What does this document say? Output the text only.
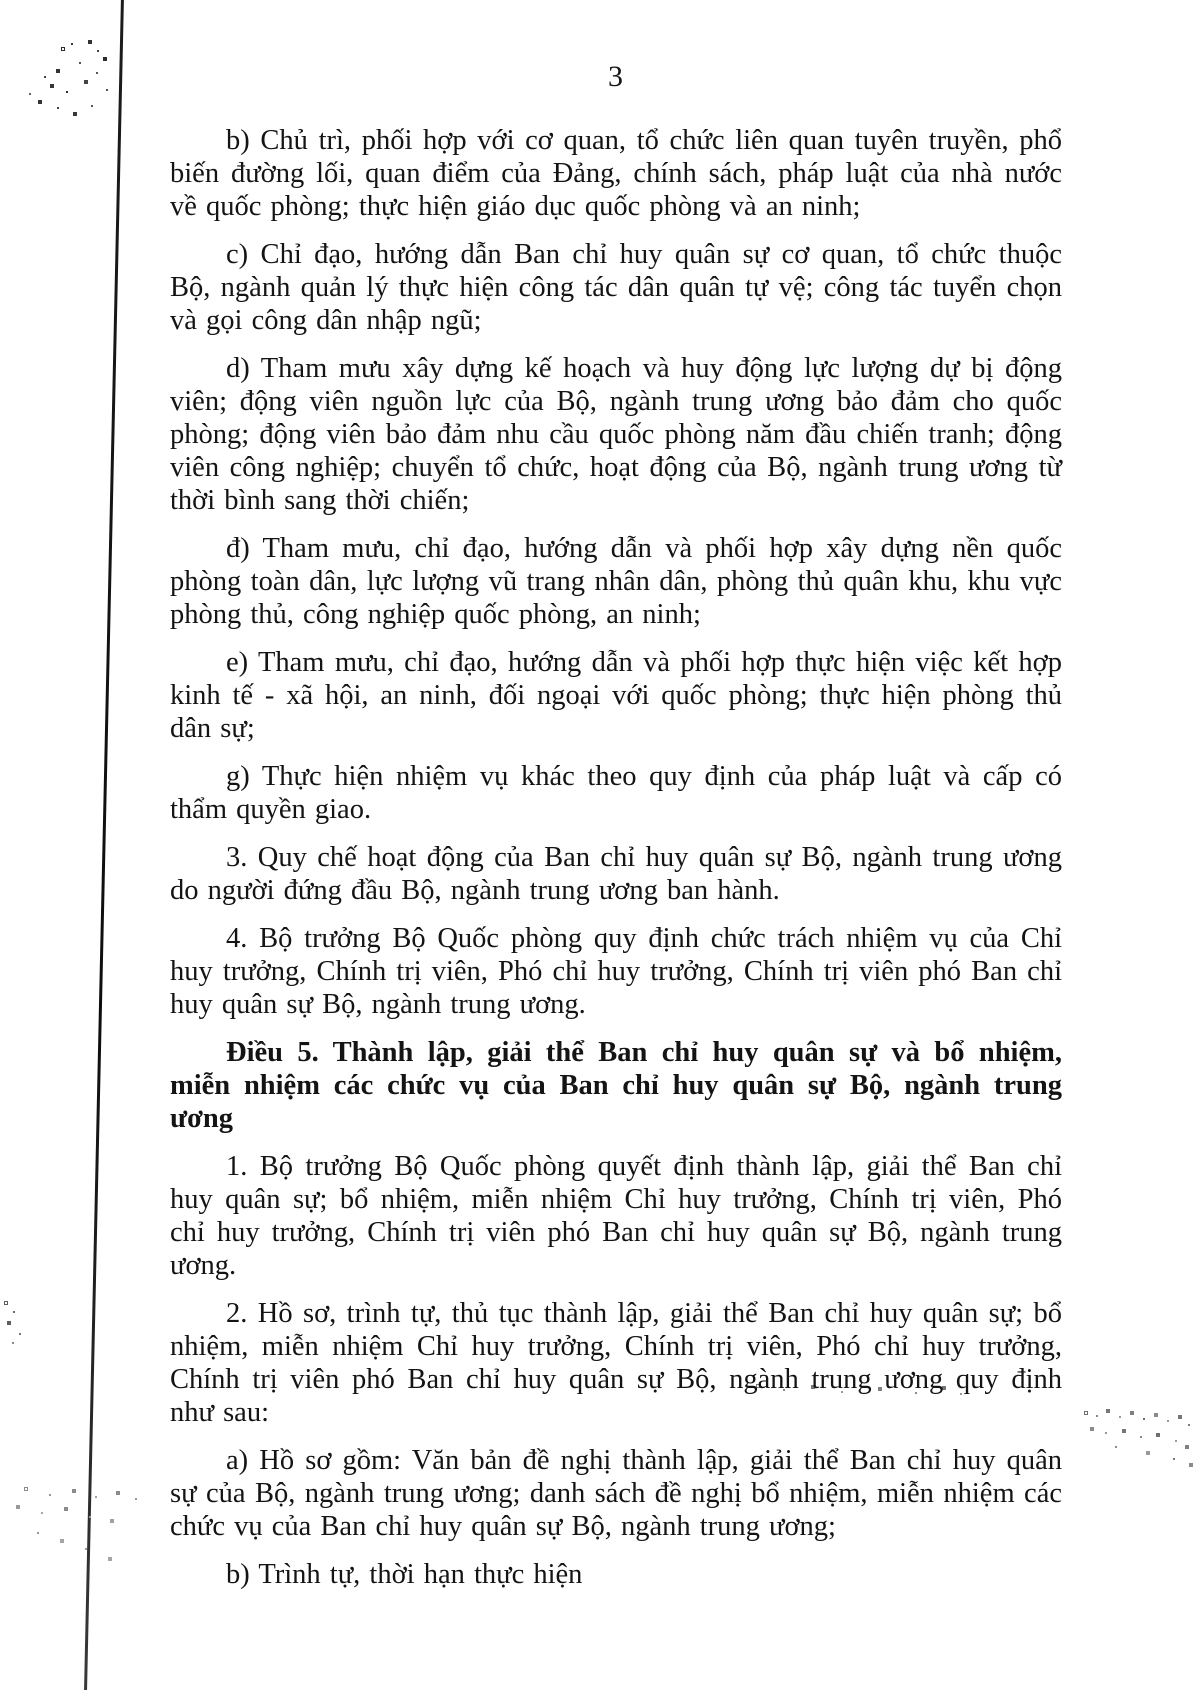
3

b) Chủ trì, phối hợp với cơ quan, tổ chức liên quan tuyên truyền, phổ biến đường lối, quan điểm của Đảng, chính sách, pháp luật của nhà nước về quốc phòng; thực hiện giáo dục quốc phòng và an ninh;

c) Chỉ đạo, hướng dẫn Ban chỉ huy quân sự cơ quan, tổ chức thuộc Bộ, ngành quản lý thực hiện công tác dân quân tự vệ; công tác tuyển chọn và gọi công dân nhập ngũ;

d) Tham mưu xây dựng kế hoạch và huy động lực lượng dự bị động viên; động viên nguồn lực của Bộ, ngành trung ương bảo đảm cho quốc phòng; động viên bảo đảm nhu cầu quốc phòng năm đầu chiến tranh; động viên công nghiệp; chuyển tổ chức, hoạt động của Bộ, ngành trung ương từ thời bình sang thời chiến;

đ) Tham mưu, chỉ đạo, hướng dẫn và phối hợp xây dựng nền quốc phòng toàn dân, lực lượng vũ trang nhân dân, phòng thủ quân khu, khu vực phòng thủ, công nghiệp quốc phòng, an ninh;

e) Tham mưu, chỉ đạo, hướng dẫn và phối hợp thực hiện việc kết hợp kinh tế - xã hội, an ninh, đối ngoại với quốc phòng; thực hiện phòng thủ dân sự;

g) Thực hiện nhiệm vụ khác theo quy định của pháp luật và cấp có thẩm quyền giao.

3. Quy chế hoạt động của Ban chỉ huy quân sự Bộ, ngành trung ương do người đứng đầu Bộ, ngành trung ương ban hành.

4. Bộ trưởng Bộ Quốc phòng quy định chức trách nhiệm vụ của Chỉ huy trưởng, Chính trị viên, Phó chỉ huy trưởng, Chính trị viên phó Ban chỉ huy quân sự Bộ, ngành trung ương.

Điều 5. Thành lập, giải thể Ban chỉ huy quân sự và bổ nhiệm, miễn nhiệm các chức vụ của Ban chỉ huy quân sự Bộ, ngành trung ương

1. Bộ trưởng Bộ Quốc phòng quyết định thành lập, giải thể Ban chỉ huy quân sự; bổ nhiệm, miễn nhiệm Chỉ huy trưởng, Chính trị viên, Phó chỉ huy trưởng, Chính trị viên phó Ban chỉ huy quân sự Bộ, ngành trung ương.

2. Hồ sơ, trình tự, thủ tục thành lập, giải thể Ban chỉ huy quân sự; bổ nhiệm, miễn nhiệm Chỉ huy trưởng, Chính trị viên, Phó chỉ huy trưởng, Chính trị viên phó Ban chỉ huy quân sự Bộ, ngành trung ương quy định như sau:

a) Hồ sơ gồm: Văn bản đề nghị thành lập, giải thể Ban chỉ huy quân sự của Bộ, ngành trung ương; danh sách đề nghị bổ nhiệm, miễn nhiệm các chức vụ của Ban chỉ huy quân sự Bộ, ngành trung ương;

b) Trình tự, thời hạn thực hiện
